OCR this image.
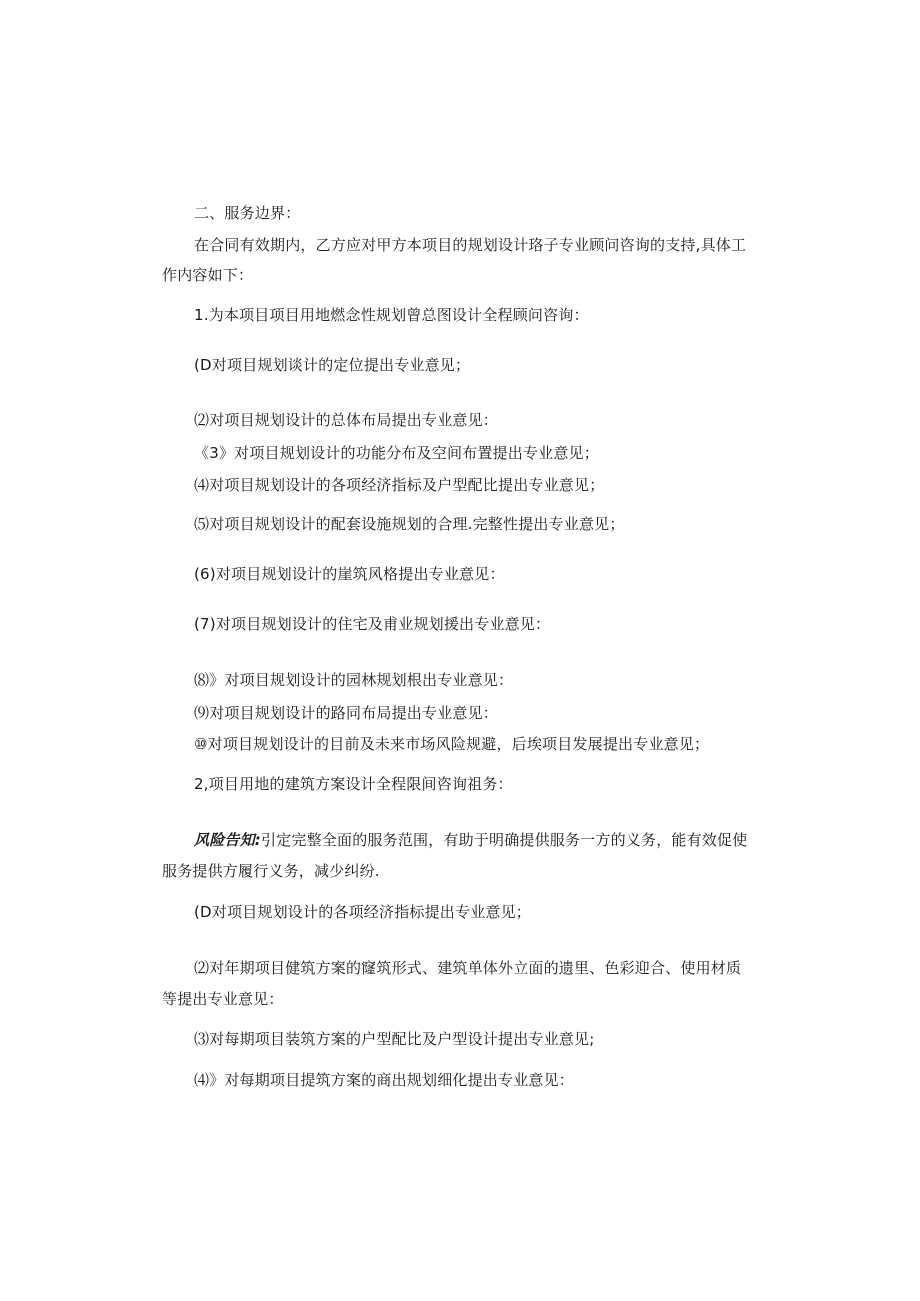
二、服务边界：
在合同有效期内，乙方应对甲方本项目的规划设计珞子专业顾问咨询的支持,具体工
作内容如下：
1.为本项目项目用地燃念性规划曾总图设计全程顾问咨询：
(D对项目规划谈计的定位提出专业意见；
⑵对项目规划设计的总体布局提出专业意见：
《3》对项目规划设计的功能分布及空间布置提出专业意见；
⑷对项目规划设计的各项经济指标及户型配比提出专业意见；
⑸对项目规划设计的配套设施规划的合理.完整性提出专业意见；
(6)对项目规划设计的崖筑风格提出专业意见：
(7)对项目规划设计的住宅及甫业规划援出专业意见：
⑻》对项目规划设计的园林规划根出专业意见：
⑼对项目规划设计的路同布局提出专业意见：
⑩对项目规划设计的目前及未来市场风险规避，后埃项目发展提出专业意见；
2,项目用地的建筑方案设计全程限间咨询祖务：
风险告知:引定完整全面的服务范围，有助于明确提供服务一方的义务，能有效促使
服务提供方履行义务，减少纠纷.
(D对项目规划设计的各项经济指标提出专业意见；
⑵对年期项目健筑方案的窿筑形式、建筑单体外立面的遗里、色彩迎合、使用材质
等提出专业意见：
⑶对每期项目装筑方案的户型配比及户型设计提出专业意见;
⑷》对每期项目提筑方案的商出规划细化提出专业意见：
